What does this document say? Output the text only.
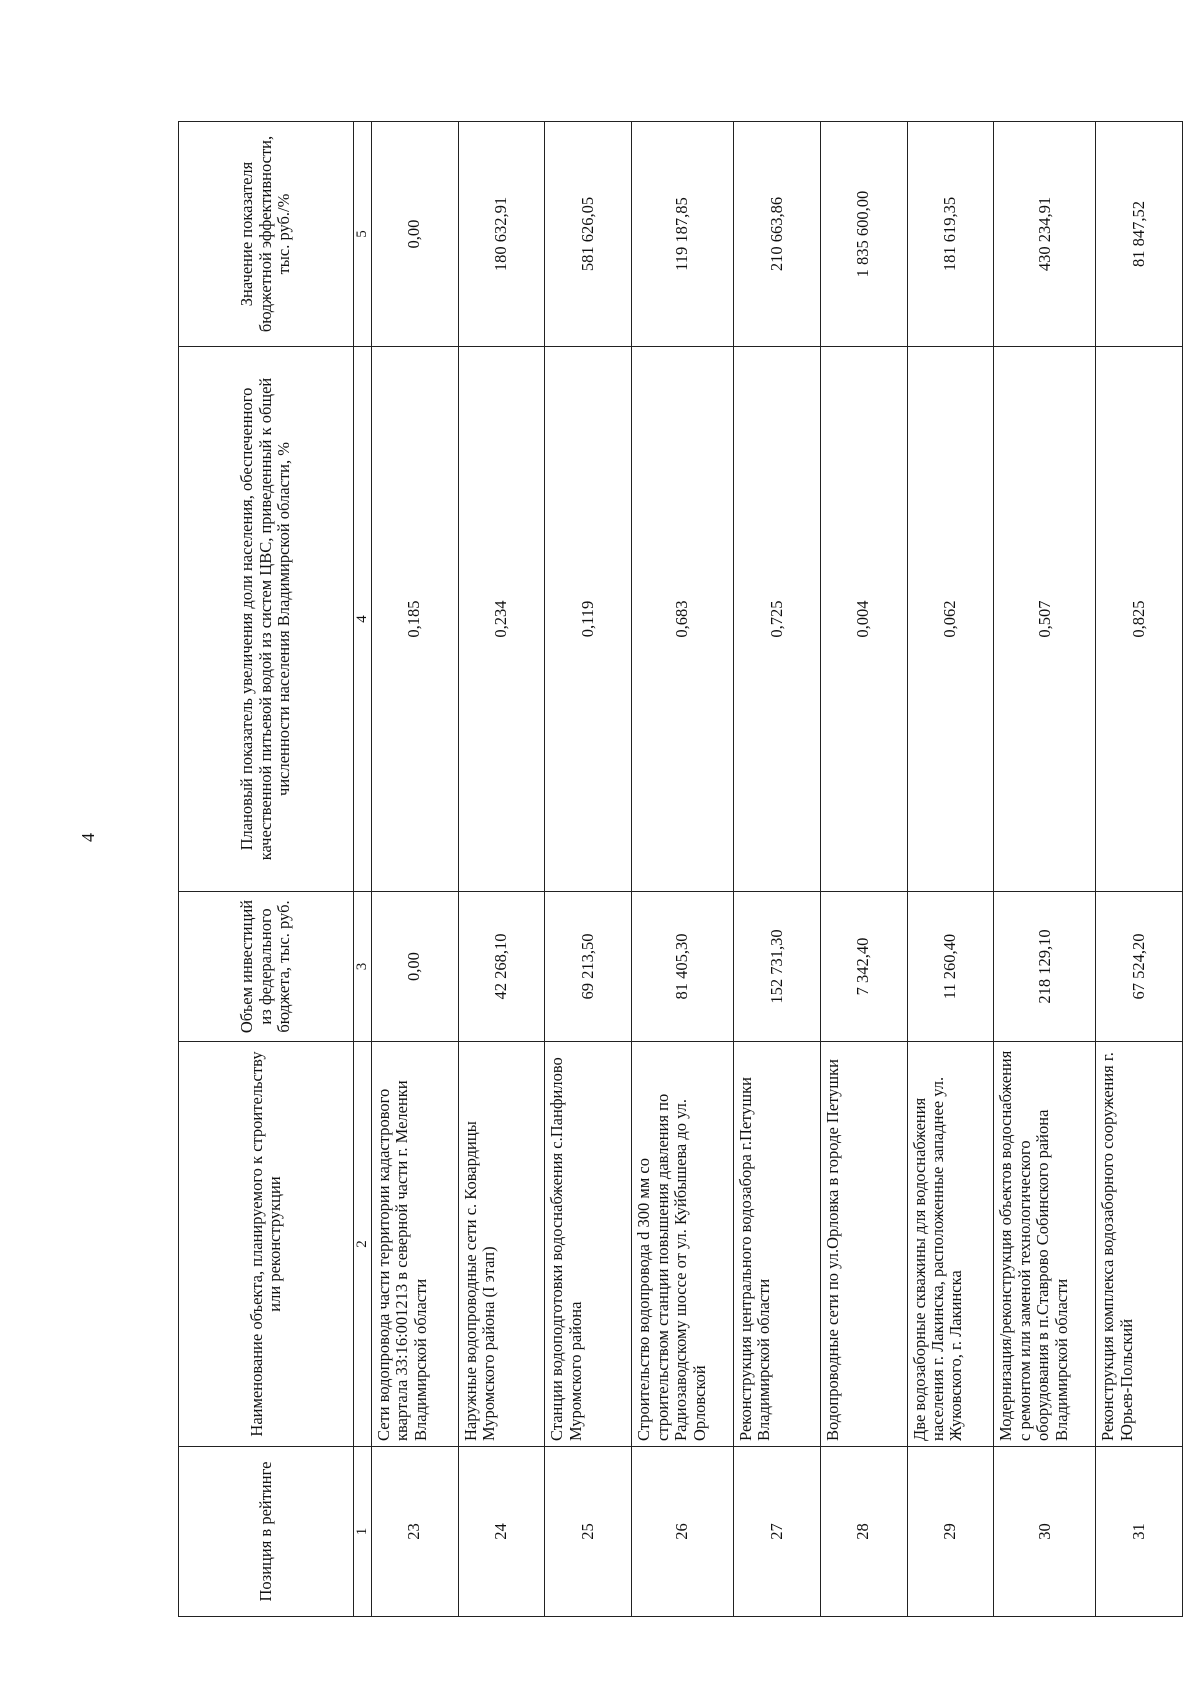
4
Позиция в рейтинге	Наименование объекта, планируемого к строительству или реконструкции	Объем инвестиций из федерального бюджета, тыс. руб.	Плановый показатель увеличения доли населения, обеспеченного качественной питьевой водой из систем ЦВС, приведенный к общей численности населения Владимирской области, %	Значение показателя бюджетной эффективности, тыс. руб./%
1	2	3	4	5
23	Сети водопровода части территории кадастрового квартала 33:16:001213 в северной части г. Меленки Владимирской области	0,00	0,185	0,00
24	Наружные водопроводные сети с. Ковардицы Муромского района (I этап)	42 268,10	0,234	180 632,91
25	Станции водоподготовки водоснабжения с.Панфилово Муромского района	69 213,50	0,119	581 626,05
26	Строительство водопровода d 300 мм со строительством станции повышения давления по Радиозаводскому шоссе от ул. Куйбышева до ул. Орловской	81 405,30	0,683	119 187,85
27	Реконструкция центрального водозабора г.Петушки Владимирской области	152 731,30	0,725	210 663,86
28	Водопроводные сети по ул.Орловка в городе Петушки	7 342,40	0,004	1 835 600,00
29	Две водозаборные скважины для водоснабжения населения г. Лакинска, расположенные западнее ул. Жуковского, г. Лакинска	11 260,40	0,062	181 619,35
30	Модернизация/реконструкция объектов водоснабжения с ремонтом или заменой технологического оборудования в п.Ставрово Собинского района Владимирской области	218 129,10	0,507	430 234,91
31	Реконструкция комплекса водозаборного сооружения г. Юрьев-Польский	67 524,20	0,825	81 847,52
